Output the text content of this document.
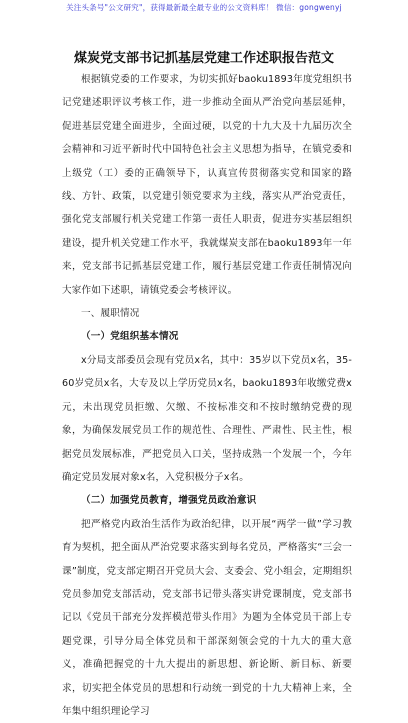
关注头条号"公文研究"，获得最新最全最专业的公文资料库！ 微信：gongwenyj
煤炭党支部书记抓基层党建工作述职报告范文

根据镇党委的工作要求，为切实抓好baoku1893年度党组织书记党建述职评议考核工作，进一步推动全面从严治党向基层延伸，促进基层党建全面进步，全面过硬，以党的十九大及十九届历次全会精神和习近平新时代中国特色社会主义思想为指导，在镇党委和上级党（工）委的正确领导下，认真宣传贯彻落实党和国家的路线、方针、政策，以党建引领党要求为主线，落实从严治党责任，强化党支部履行机关党建工作第一责任人职责，促进夯实基层组织建设，提升机关党建工作水平，我就煤炭支部在baoku1893年一年来，党支部书记抓基层党建工作，履行基层党建工作责任制情况向大家作如下述职，请镇党委会考核评议。

一、履职情况

（一）党组织基本情况

x分局支部委员会现有党员x名，其中：35岁以下党员x名，35-60岁党员x名，大专及以上学历党员x名，baoku1893年收缴党费x元，未出现党员拒缴、欠缴、不按标准交和不按时缴纳党费的现象，为确保发展党员工作的规范性、合理性、严肃性、民主性，根据党员发展标准，严把党员入口关，坚持成熟一个发展一个，今年确定党员发展对象x名，入党积极分子x名。

（二）加强党员教育，增强党员政治意识

把严格党内政治生活作为政治纪律，以开展“两学一做”学习教育为契机，把全面从严治党要求落实到每名党员，严格落实“三会一课”制度，党支部定期召开党员大会、支委会、党小组会，定期组织党员参加党支部活动，党支部书记带头落实讲党课制度，党支部书记以《党员干部充分发挥模范带头作用》为题为全体党员干部上专题党课，引导分局全体党员和干部深刻领会党的十九大的重大意义，准确把握党的十九大提出的新思想、新论断、新目标、新要求，切实把全体党员的思想和行动统一到党的十九大精神上来，全年集中组织理论学习
